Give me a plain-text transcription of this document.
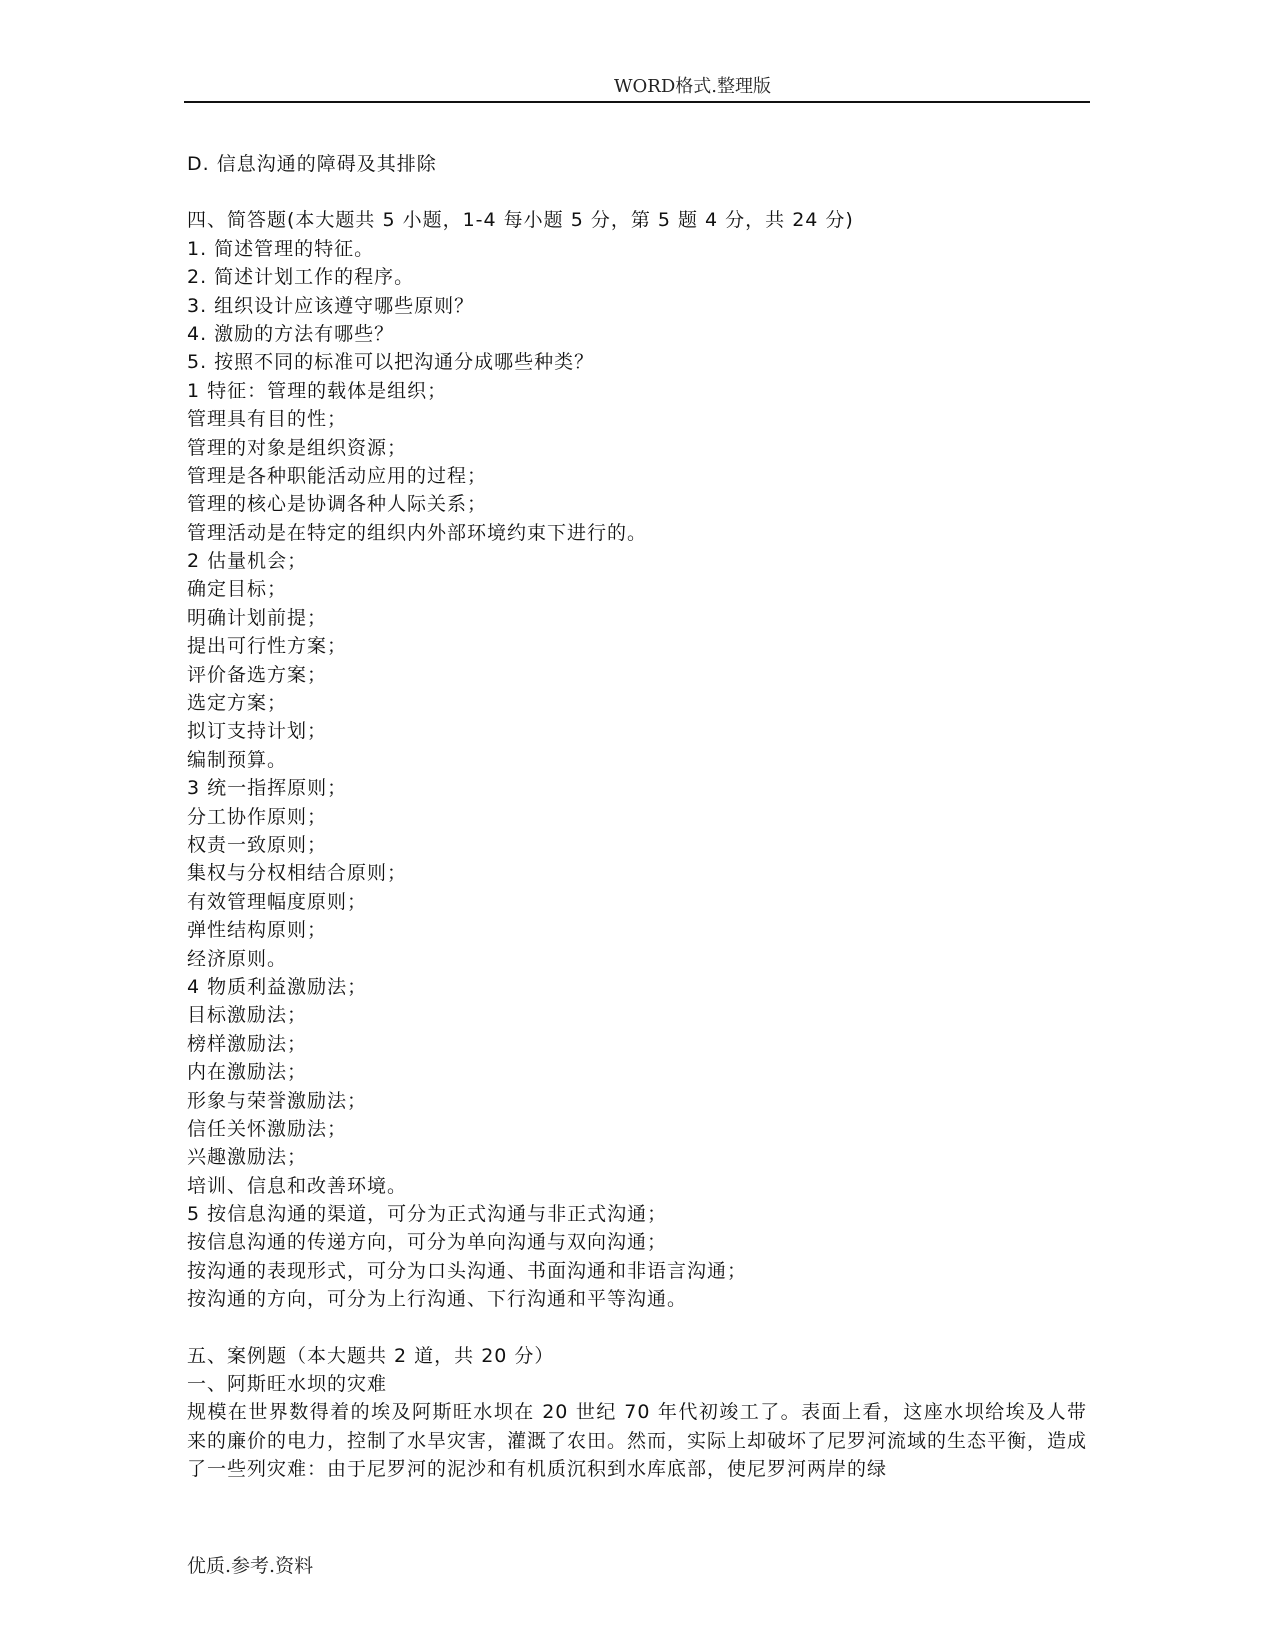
WORD格式.整理版
D. 信息沟通的障碍及其排除
四、简答题(本大题共 5 小题，1-4 每小题 5 分，第 5 题 4 分，共 24 分)
1. 简述管理的特征。
2. 简述计划工作的程序。
3. 组织设计应该遵守哪些原则？
4. 激励的方法有哪些？
5. 按照不同的标准可以把沟通分成哪些种类？
1 特征：管理的载体是组织；
管理具有目的性；
管理的对象是组织资源；
管理是各种职能活动应用的过程；
管理的核心是协调各种人际关系；
管理活动是在特定的组织内外部环境约束下进行的。
2 估量机会；
确定目标；
明确计划前提；
提出可行性方案；
评价备选方案；
选定方案；
拟订支持计划；
编制预算。
3 统一指挥原则；
分工协作原则；
权责一致原则；
集权与分权相结合原则；
有效管理幅度原则；
弹性结构原则；
经济原则。
4 物质利益激励法；
目标激励法；
榜样激励法；
内在激励法；
形象与荣誉激励法；
信任关怀激励法；
兴趣激励法；
培训、信息和改善环境。
5 按信息沟通的渠道，可分为正式沟通与非正式沟通；
按信息沟通的传递方向，可分为单向沟通与双向沟通；
按沟通的表现形式，可分为口头沟通、书面沟通和非语言沟通；
按沟通的方向，可分为上行沟通、下行沟通和平等沟通。
五、案例题（本大题共 2 道，共 20 分）
一、阿斯旺水坝的灾难
规模在世界数得着的埃及阿斯旺水坝在 20 世纪 70 年代初竣工了。表面上看，这座水坝给埃及人带来的廉价的电力，控制了水旱灾害，灌溉了农田。然而，实际上却破坏了尼罗河流域的生态平衡，造成了一些列灾难：由于尼罗河的泥沙和有机质沉积到水库底部，使尼罗河两岸的绿
优质.参考.资料
